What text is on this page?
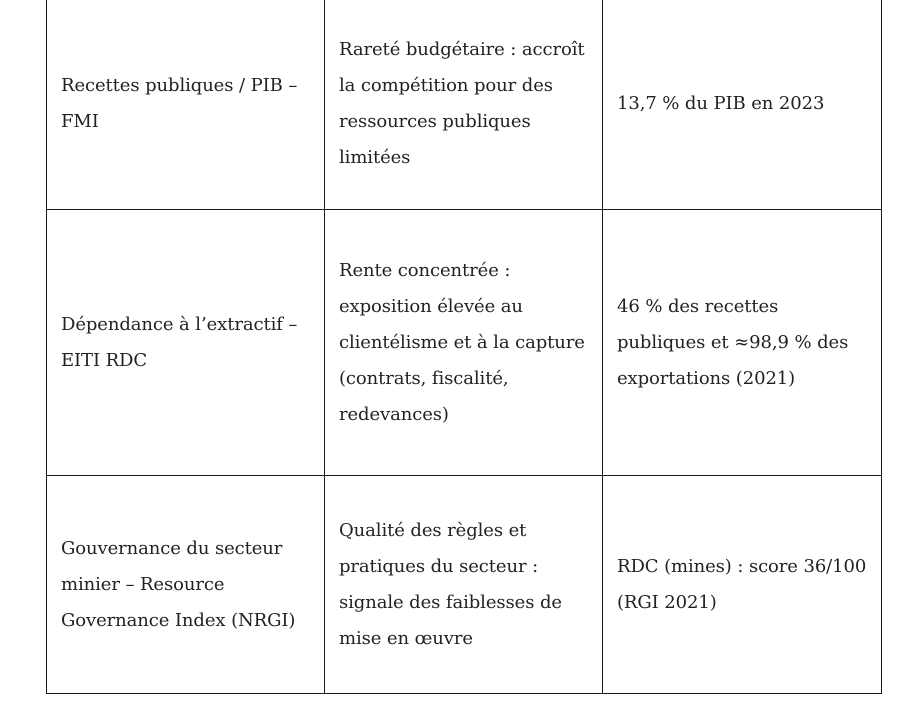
Recettes publiques / PIB – FMI	Rareté budgétaire : accroît la compétition pour des ressources publiques limitées	13,7 % du PIB en 2023
Dépendance à l’extractif – EITI RDC	Rente concentrée : exposition élevée au clientélisme et à la capture (contrats, fiscalité, redevances)	46 % des recettes publiques et ≈98,9 % des exportations (2021)
Gouvernance du secteur minier – Resource Governance Index (NRGI)	Qualité des règles et pratiques du secteur : signale des faiblesses de mise en œuvre	RDC (mines) : score 36/100 (RGI 2021)
